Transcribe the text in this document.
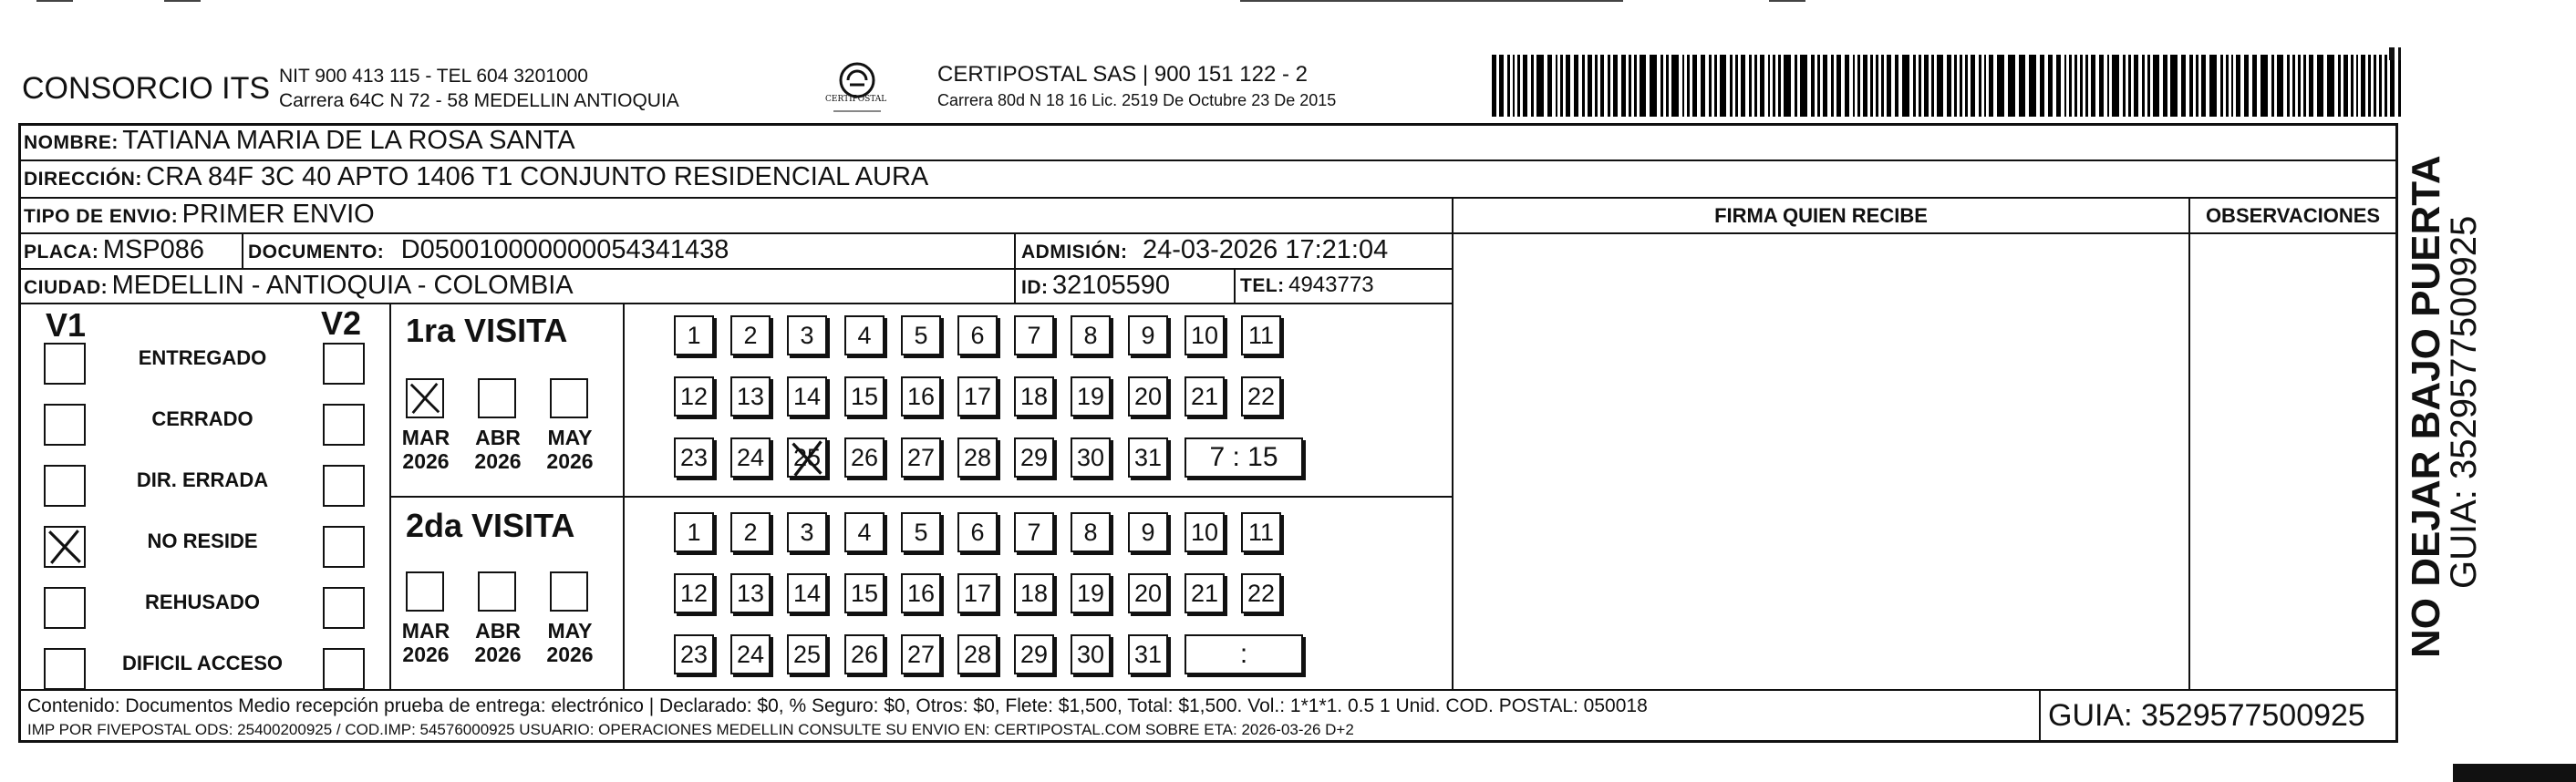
CONSORCIO ITS NIT 900 413 115 - TEL 604 3201000
Carrera 64C N 72 - 58 MEDELLIN ANTIOQUIA	CERTIPOSTAL
CERTIPOSTAL SAS | 900 151 122 - 2
Carrera 80d N 18 16 Lic. 2519 De Octubre 23 De 2015
NOMBRE: TATIANA MARIA DE LA ROSA SANTA
DIRECCIÓN: CRA 84F 3C 40 APTO 1406 T1 CONJUNTO RESIDENCIAL AURA
TIPO DE ENVIO: PRIMER ENVIO	FIRMA QUIEN RECIBE	OBSERVACIONES
PLACA: MSP086 DOCUMENTO: D050010000000054341438	ADMISIÓN: 24-03-2026 17:21:04
CIUDAD: MEDELLIN - ANTIOQUIA - COLOMBIA	ID: 32105590	TEL: 4943773
V1	V2
ENTREGADO
CERRADO
DIR. ERRADA
NO RESIDE
REHUSADO
DIFICIL ACCESO
1ra VISITA
MAR
2026
ABR
2026
MAY
2026
1	2	3	4	5	6	7	8	9	10 11
12 13 14 15 16 17 18 19 20 21 22
23 24 25 26 27 28 29 30 31	7 : 15
2da VISITA
MAR
2026
ABR
2026
MAY
2026
1	2	3	4	5	6	7	8	9	10 11
12 13 14 15 16 17 18 19 20 21 22
23 24 25 26 27 28 29 30 31	:
Contenido: Documentos Medio recepción prueba de entrega: electrónico | Declarado: $0, % Seguro: $0, Otros: $0, Flete: $1,500, Total: $1,500. Vol.: 1*1*1. 0.5 1 Unid. COD. POSTAL: 050018
IMP POR FIVEPOSTAL ODS: 25400200925 / COD.IMP: 54576000925 USUARIO: OPERACIONES MEDELLIN CONSULTE SU ENVIO EN: CERTIPOSTAL.COM SOBRE ETA: 2026-03-26 D+2	GUIA: 3529577500925
NO DEJAR BAJO PUERTA
GUIA: 3529577500925
